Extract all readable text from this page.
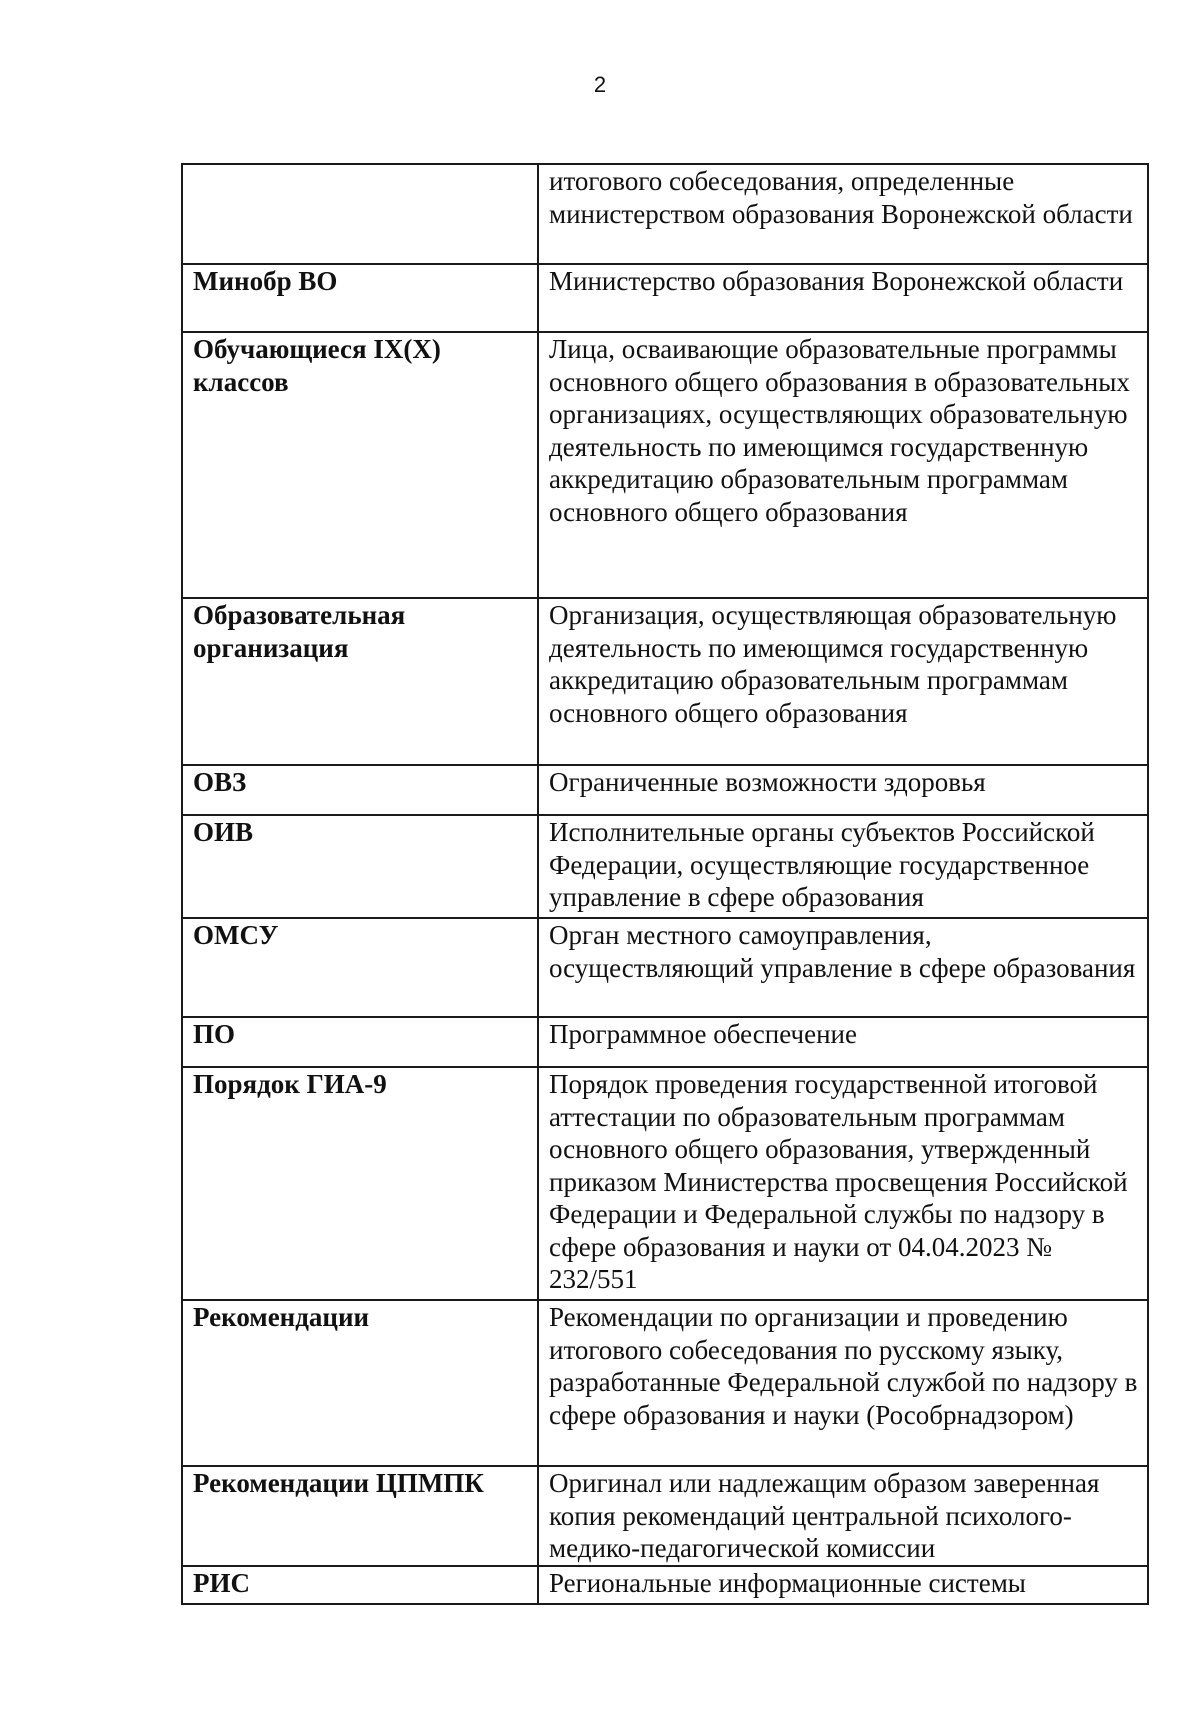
2
	итогового собеседования, определенные министерством образования Воронежской области
Минобр ВО	Министерство образования Воронежской области
Обучающиеся IX(X) классов	Лица, осваивающие образовательные программы основного общего образования в образовательных организациях, осуществляющих образовательную деятельность по имеющимся государственную аккредитацию образовательным программам основного общего образования
Образовательная организация	Организация, осуществляющая образовательную деятельность по имеющимся государственную аккредитацию образовательным программам основного общего образования
ОВЗ	Ограниченные возможности здоровья
ОИВ	Исполнительные органы субъектов Российской Федерации, осуществляющие государственное управление в сфере образования
ОМСУ	Орган местного самоуправления, осуществляющий управление в сфере образования
ПО	Программное обеспечение
Порядок ГИА-9	Порядок проведения государственной итоговой аттестации по образовательным программам основного общего образования, утвержденный приказом Министерства просвещения Российской Федерации и Федеральной службы по надзору в сфере образования и науки от 04.04.2023 № 232/551
Рекомендации	Рекомендации по организации и проведению итогового собеседования по русскому языку, разработанные Федеральной службой по надзору в сфере образования и науки (Рособрнадзором)
Рекомендации ЦПМПК	Оригинал или надлежащим образом заверенная копия рекомендаций центральной психолого-медико-педагогической комиссии
РИС	Региональные информационные системы
